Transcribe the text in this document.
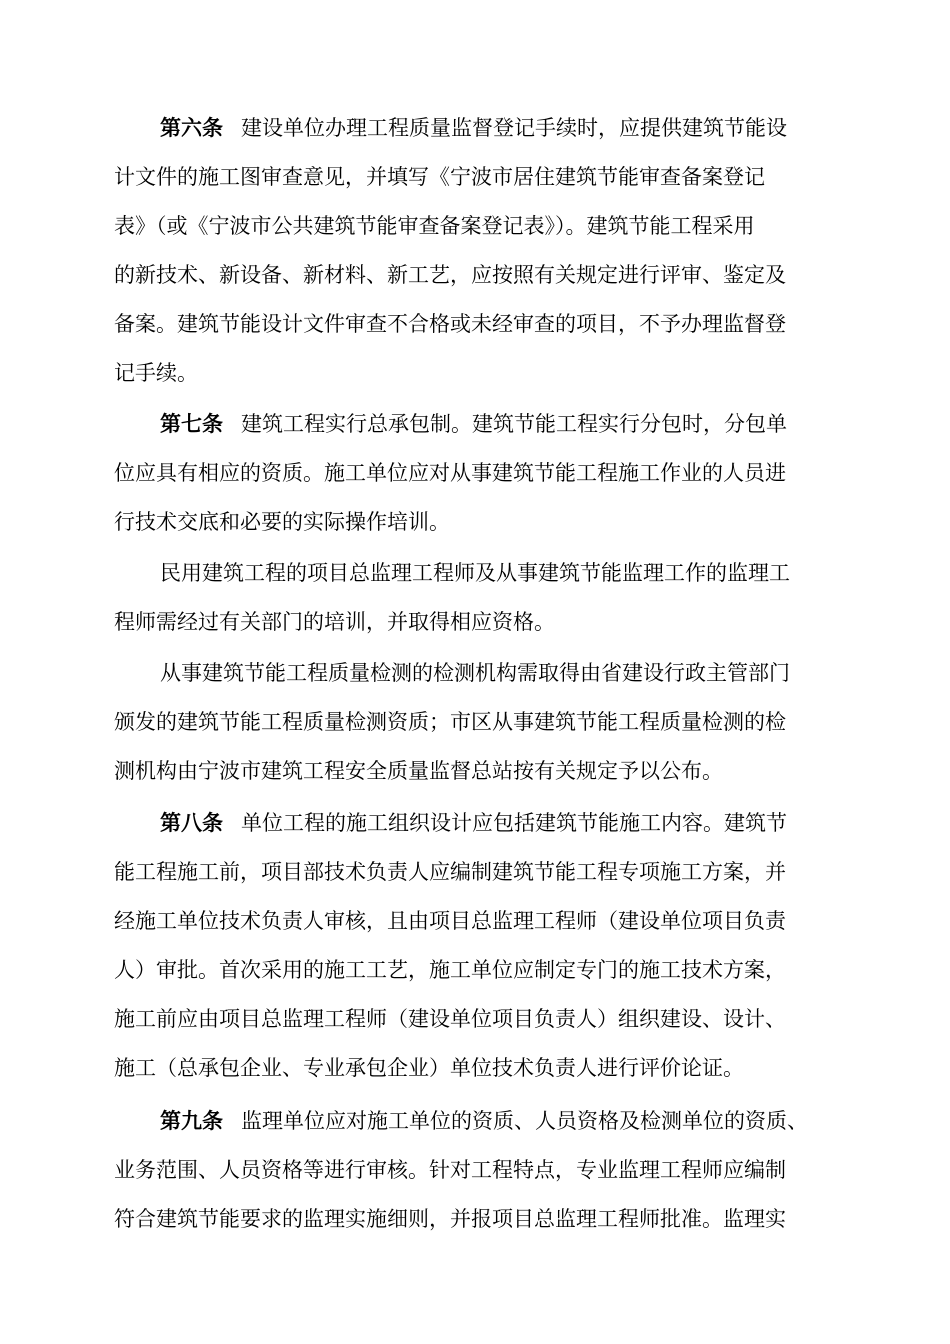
第六条 建设单位办理工程质量监督登记手续时，应提供建筑节能设
计文件的施工图审查意见，并填写《宁波市居住建筑节能审查备案登记
表》（或《宁波市公共建筑节能审查备案登记表》）。建筑节能工程采用
的新技术、新设备、新材料、新工艺，应按照有关规定进行评审、鉴定及
备案。建筑节能设计文件审查不合格或未经审查的项目，不予办理监督登
记手续。
第七条 建筑工程实行总承包制。建筑节能工程实行分包时，分包单
位应具有相应的资质。施工单位应对从事建筑节能工程施工作业的人员进
行技术交底和必要的实际操作培训。
民用建筑工程的项目总监理工程师及从事建筑节能监理工作的监理工
程师需经过有关部门的培训，并取得相应资格。
从事建筑节能工程质量检测的检测机构需取得由省建设行政主管部门
颁发的建筑节能工程质量检测资质；市区从事建筑节能工程质量检测的检
测机构由宁波市建筑工程安全质量监督总站按有关规定予以公布。
第八条 单位工程的施工组织设计应包括建筑节能施工内容。建筑节
能工程施工前，项目部技术负责人应编制建筑节能工程专项施工方案，并
经施工单位技术负责人审核，且由项目总监理工程师（建设单位项目负责
人）审批。首次采用的施工工艺，施工单位应制定专门的施工技术方案，
施工前应由项目总监理工程师（建设单位项目负责人）组织建设、设计、
施工（总承包企业、专业承包企业）单位技术负责人进行评价论证。
第九条 监理单位应对施工单位的资质、人员资格及检测单位的资质、
业务范围、人员资格等进行审核。针对工程特点，专业监理工程师应编制
符合建筑节能要求的监理实施细则，并报项目总监理工程师批准。监理实
